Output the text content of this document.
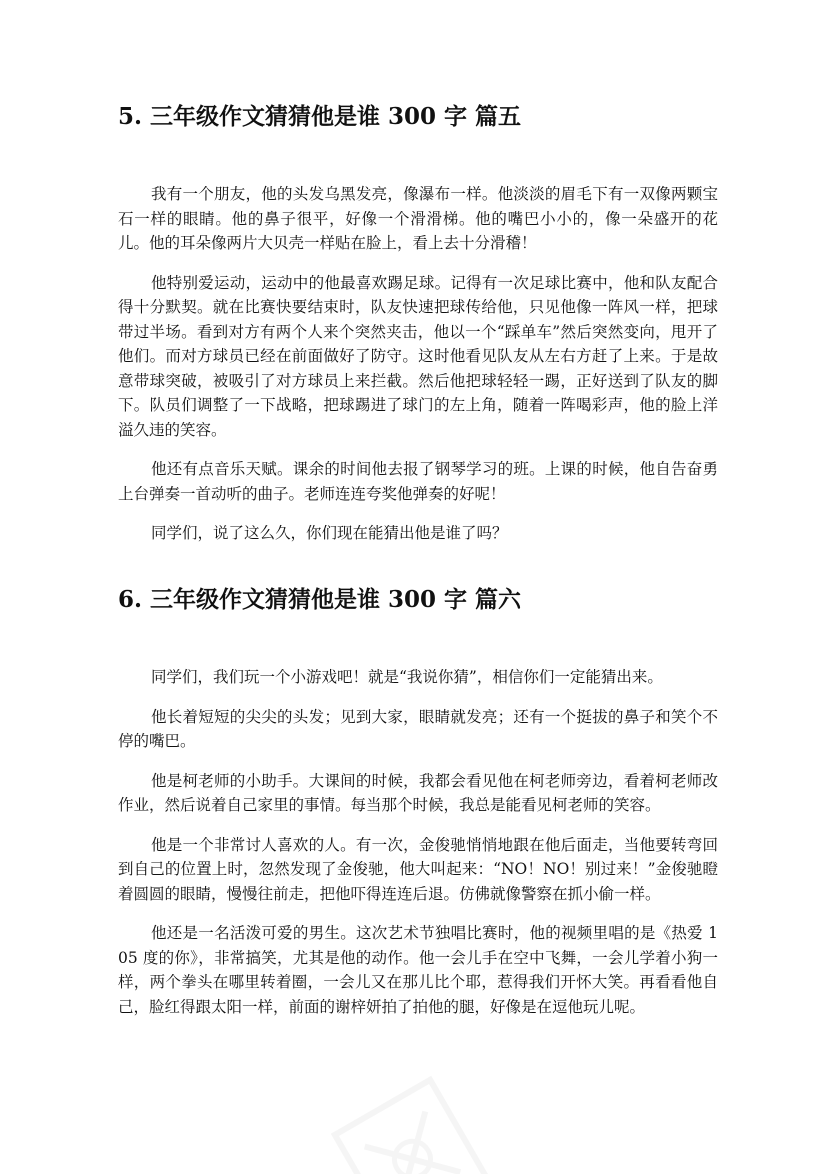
5. 三年级作文猜猜他是谁 300 字 篇五

我有一个朋友，他的头发乌黑发亮，像瀑布一样。他淡淡的眉毛下有一双像两颗宝石一样的眼睛。他的鼻子很平，好像一个滑滑梯。他的嘴巴小小的，像一朵盛开的花儿。他的耳朵像两片大贝壳一样贴在脸上，看上去十分滑稽！

他特别爱运动，运动中的他最喜欢踢足球。记得有一次足球比赛中，他和队友配合得十分默契。就在比赛快要结束时，队友快速把球传给他，只见他像一阵风一样，把球带过半场。看到对方有两个人来个突然夹击，他以一个“踩单车”然后突然变向，甩开了他们。而对方球员已经在前面做好了防守。这时他看见队友从左右方赶了上来。于是故意带球突破，被吸引了对方球员上来拦截。然后他把球轻轻一踢，正好送到了队友的脚下。队员们调整了一下战略，把球踢进了球门的左上角，随着一阵喝彩声，他的脸上洋溢久违的笑容。

他还有点音乐天赋。课余的时间他去报了钢琴学习的班。上课的时候，他自告奋勇上台弹奏一首动听的曲子。老师连连夸奖他弹奏的好呢！

同学们，说了这么久，你们现在能猜出他是谁了吗？

6. 三年级作文猜猜他是谁 300 字 篇六

同学们，我们玩一个小游戏吧！就是“我说你猜”，相信你们一定能猜出来。

他长着短短的尖尖的头发；见到大家，眼睛就发亮；还有一个挺拔的鼻子和笑个不停的嘴巴。

他是柯老师的小助手。大课间的时候，我都会看见他在柯老师旁边，看着柯老师改作业，然后说着自己家里的事情。每当那个时候，我总是能看见柯老师的笑容。

他是一个非常讨人喜欢的人。有一次，金俊驰悄悄地跟在他后面走，当他要转弯回到自己的位置上时，忽然发现了金俊驰，他大叫起来：“NO！NO！别过来！”金俊驰瞪着圆圆的眼睛，慢慢往前走，把他吓得连连后退。仿佛就像警察在抓小偷一样。

他还是一名活泼可爱的男生。这次艺术节独唱比赛时，他的视频里唱的是《热爱 105 度的你》，非常搞笑，尤其是他的动作。他一会儿手在空中飞舞，一会儿学着小狗一样，两个拳头在哪里转着圈，一会儿又在那儿比个耶，惹得我们开怀大笑。再看看他自己，脸红得跟太阳一样，前面的谢梓妍拍了拍他的腿，好像是在逗他玩儿呢。
